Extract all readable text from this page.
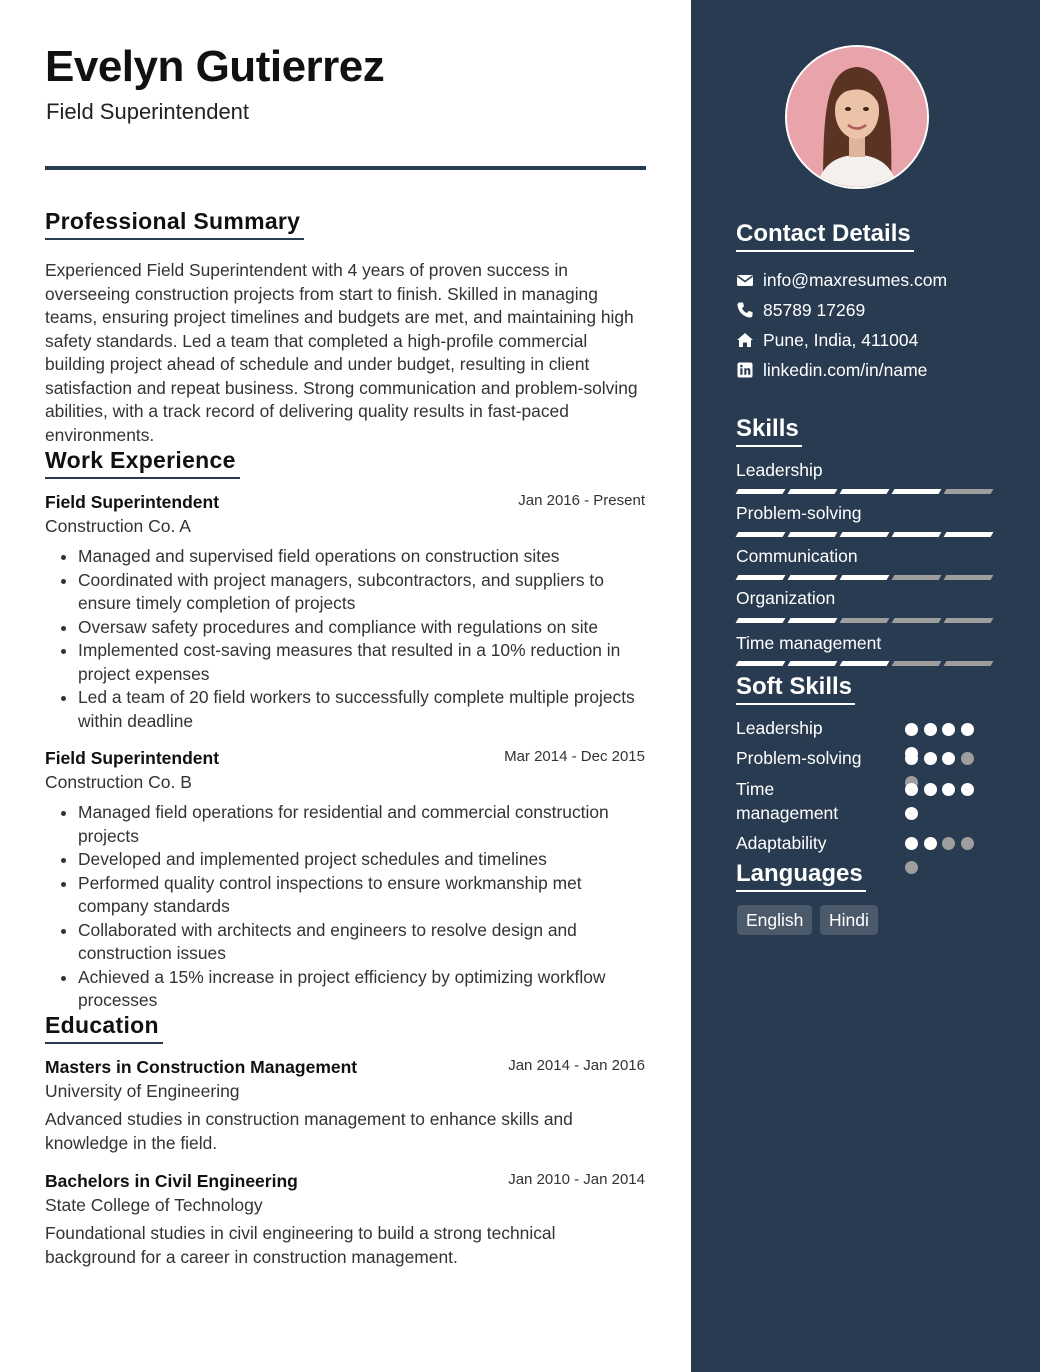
Evelyn Gutierrez
Field Superintendent
Professional Summary
Experienced Field Superintendent with 4 years of proven success in overseeing construction projects from start to finish. Skilled in managing teams, ensuring project timelines and budgets are met, and maintaining high safety standards. Led a team that completed a high-profile commercial building project ahead of schedule and under budget, resulting in client satisfaction and repeat business. Strong communication and problem-solving abilities, with a track record of delivering quality results in fast-paced environments.
Work Experience
Field Superintendent	Jan 2016 - Present
Construction Co. A
• Managed and supervised field operations on construction sites
• Coordinated with project managers, subcontractors, and suppliers to ensure timely completion of projects
• Oversaw safety procedures and compliance with regulations on site
• Implemented cost-saving measures that resulted in a 10% reduction in project expenses
• Led a team of 20 field workers to successfully complete multiple projects within deadline
Field Superintendent	Mar 2014 - Dec 2015
Construction Co. B
• Managed field operations for residential and commercial construction projects
• Developed and implemented project schedules and timelines
• Performed quality control inspections to ensure workmanship met company standards
• Collaborated with architects and engineers to resolve design and construction issues
• Achieved a 15% increase in project efficiency by optimizing workflow processes
Education
Masters in Construction Management	Jan 2014 - Jan 2016
University of Engineering
Advanced studies in construction management to enhance skills and knowledge in the field.
Bachelors in Civil Engineering	Jan 2010 - Jan 2014
State College of Technology
Foundational studies in civil engineering to build a strong technical background for a career in construction management.
Contact Details
info@maxresumes.com
85789 17269
Pune, India, 411004
linkedin.com/in/name
Skills
Leadership
Problem-solving
Communication
Organization
Time management
Soft Skills
Leadership
Problem-solving
Time management
Adaptability
Languages
English	Hindi
